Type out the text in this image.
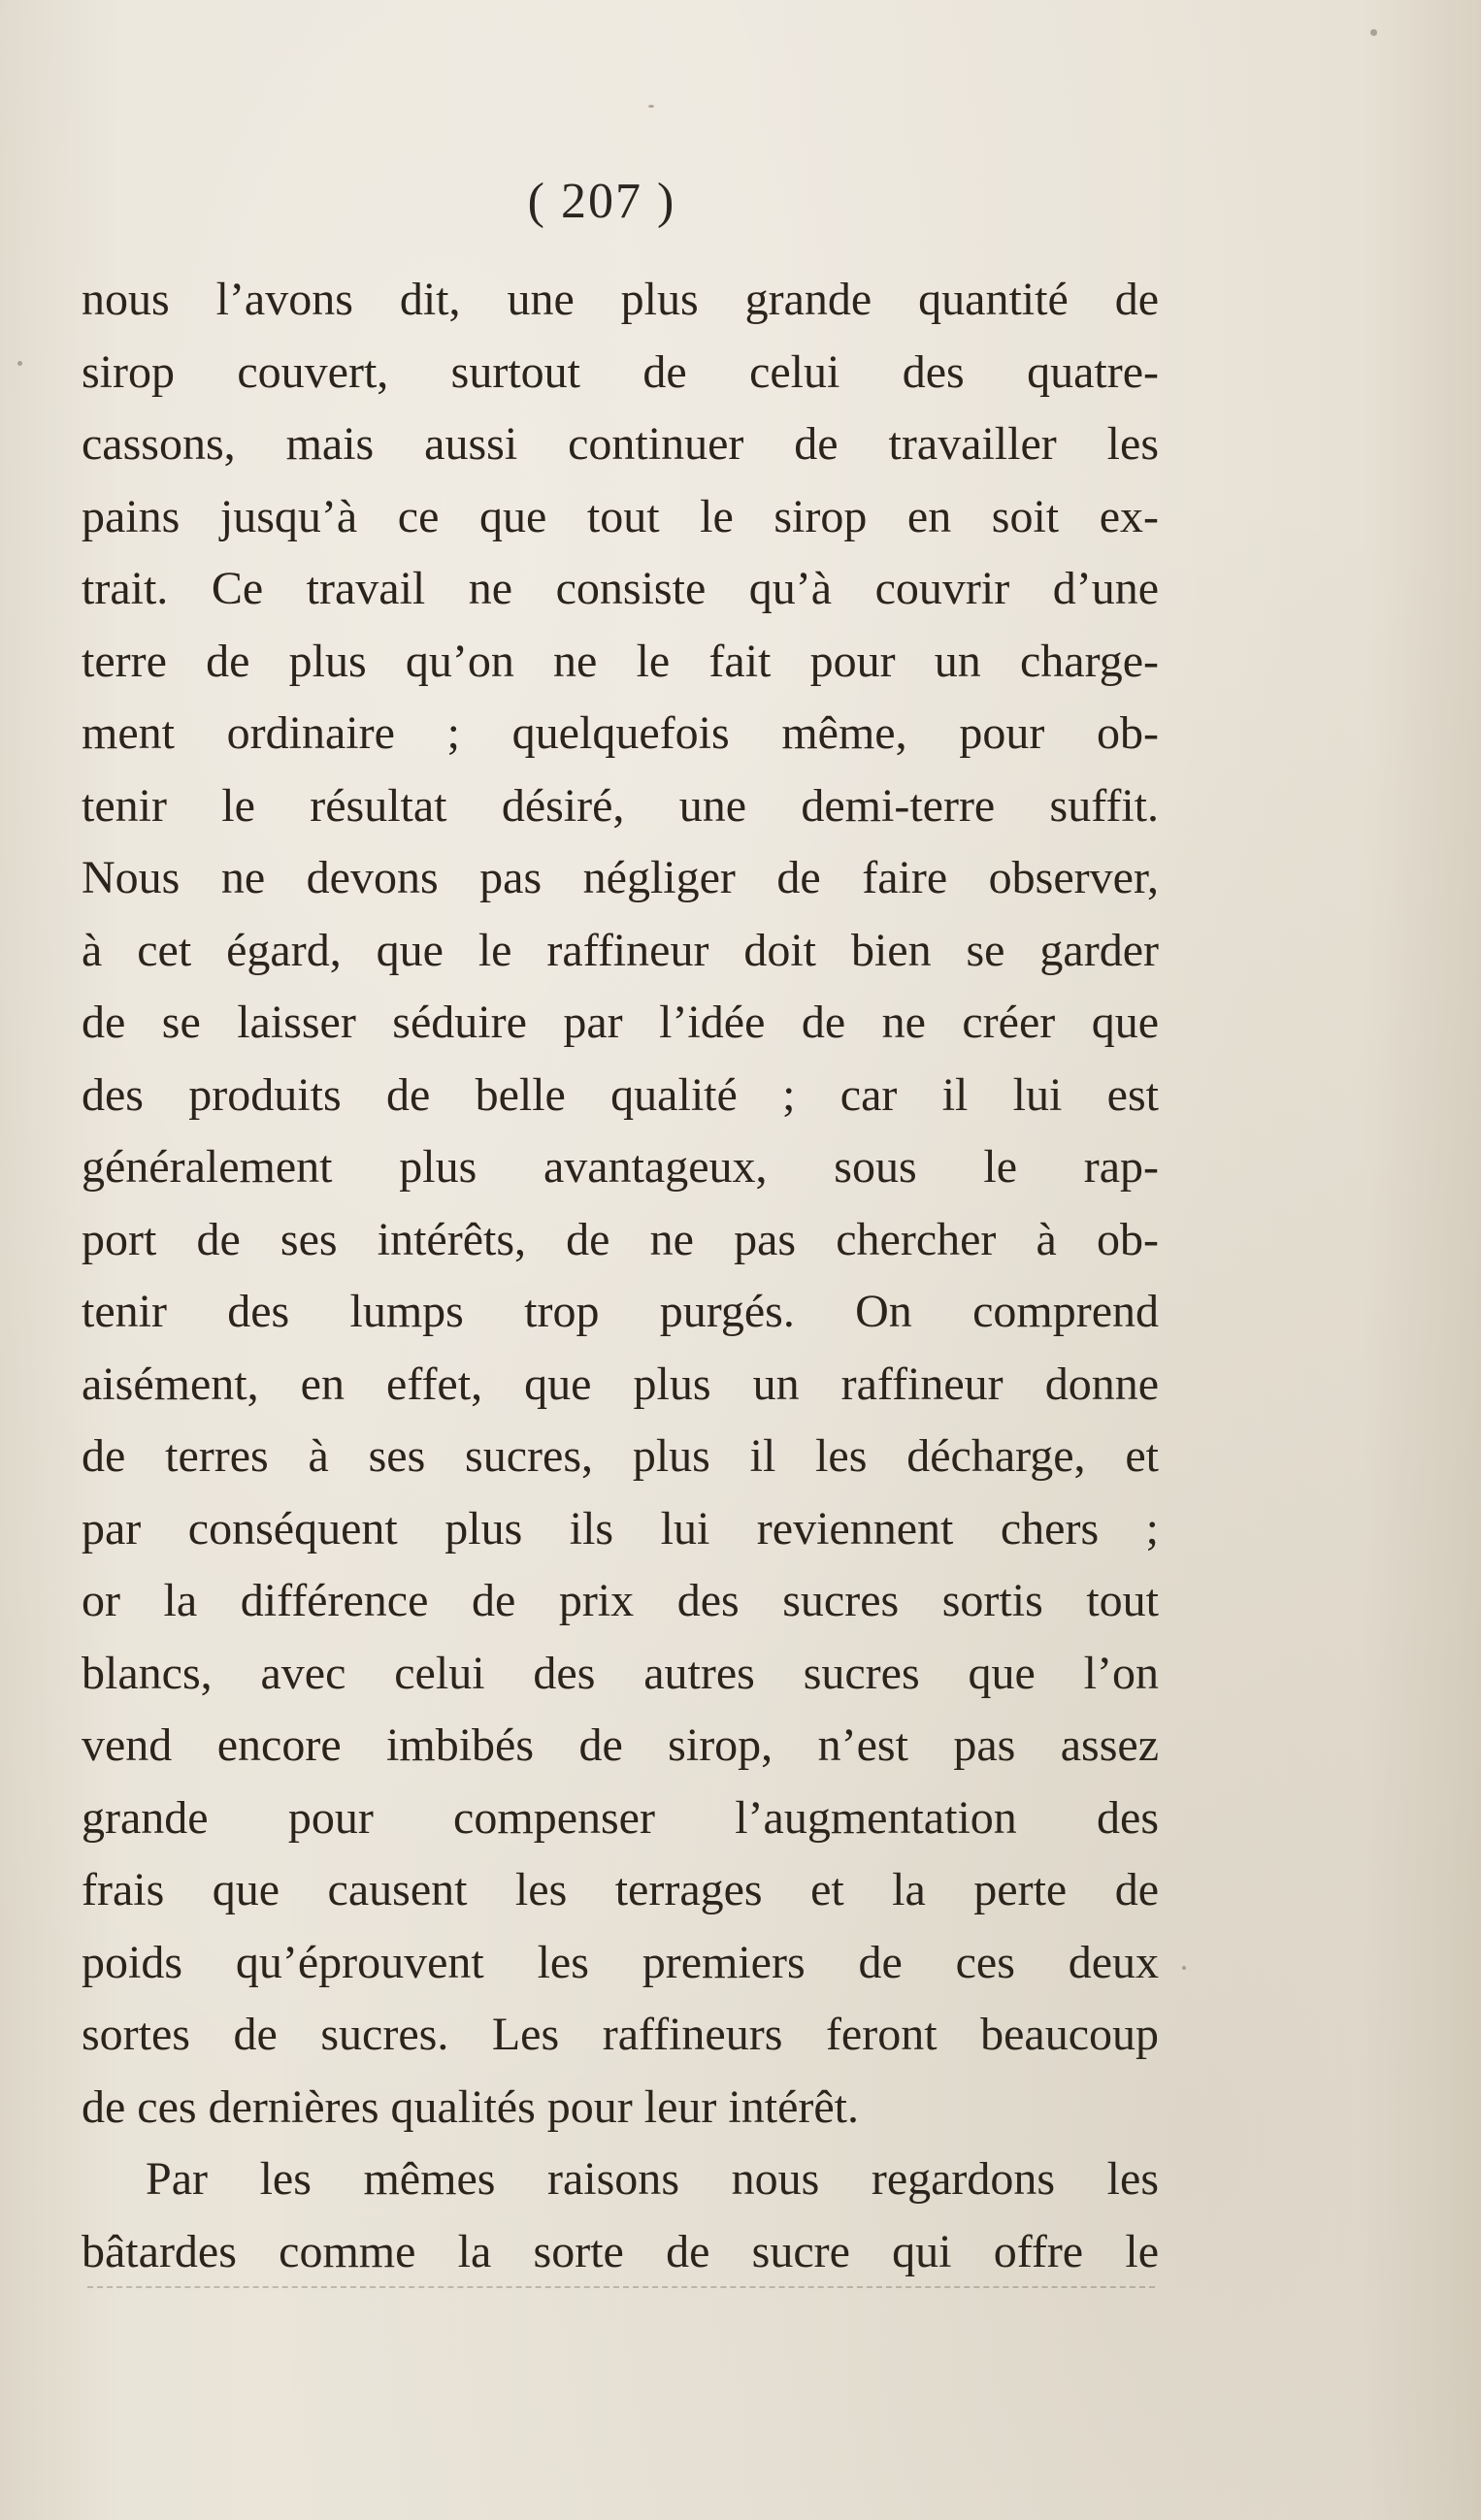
( 207 )
nous l’avons dit, une plus grande quantité de
sirop couvert, surtout de celui des quatre-
cassons, mais aussi continuer de travailler les
pains jusqu’à ce que tout le sirop en soit ex-
trait. Ce travail ne consiste qu’à couvrir d’une
terre de plus qu’on ne le fait pour un charge-
ment ordinaire ; quelquefois même, pour ob-
tenir le résultat désiré, une demi-terre suffit.
Nous ne devons pas négliger de faire observer,
à cet égard, que le raffineur doit bien se garder
de se laisser séduire par l’idée de ne créer que
des produits de belle qualité ; car il lui est
généralement plus avantageux, sous le rap-
port de ses intérêts, de ne pas chercher à ob-
tenir des lumps trop purgés. On comprend
aisément, en effet, que plus un raffineur donne
de terres à ses sucres, plus il les décharge, et
par conséquent plus ils lui reviennent chers ;
or la différence de prix des sucres sortis tout
blancs, avec celui des autres sucres que l’on
vend encore imbibés de sirop, n’est pas assez
grande pour compenser l’augmentation des
frais que causent les terrages et la perte de
poids qu’éprouvent les premiers de ces deux
sortes de sucres. Les raffineurs feront beaucoup
de ces dernières qualités pour leur intérêt.
Par les mêmes raisons nous regardons les
bâtardes comme la sorte de sucre qui offre le
